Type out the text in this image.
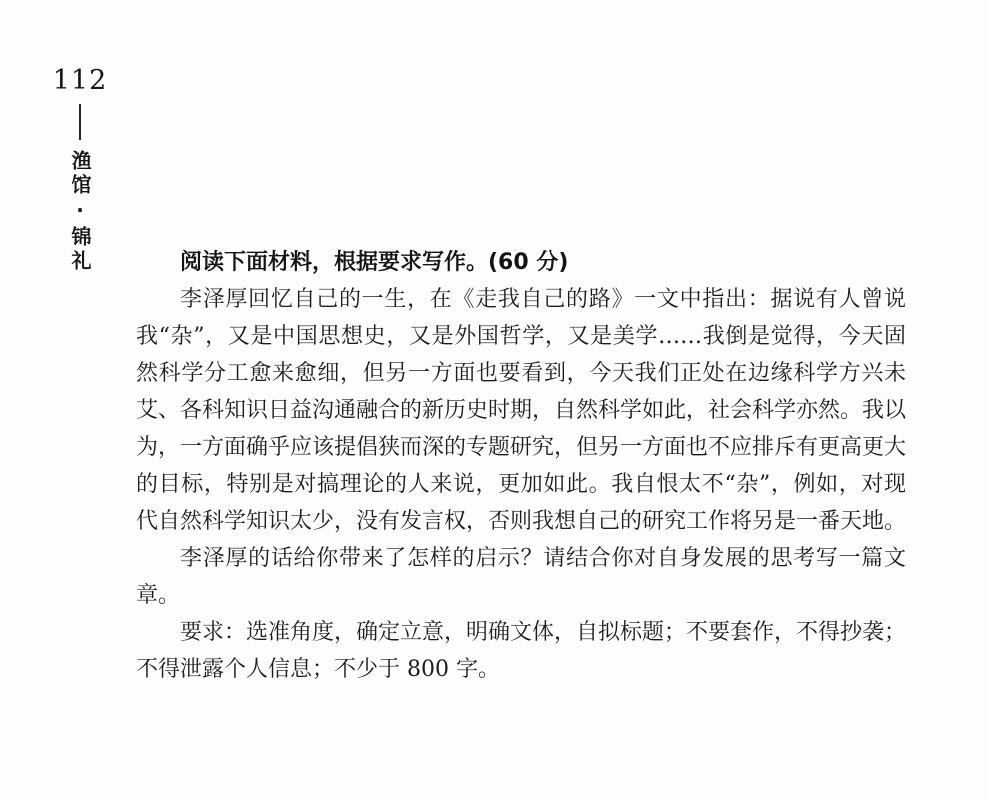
112
渔馆·锦礼	阅读下面材料，根据要求写作。(60 分)

李泽厚回忆自己的一生，在《走我自己的路》一文中指出：据说有人曾说我“杂”，又是中国思想史，又是外国哲学，又是美学……我倒是觉得，今天固然科学分工愈来愈细，但另一方面也要看到，今天我们正处在边缘科学方兴未艾、各科知识日益沟通融合的新历史时期，自然科学如此，社会科学亦然。我以为，一方面确乎应该提倡狭而深的专题研究，但另一方面也不应排斥有更高更大的目标，特别是对搞理论的人来说，更加如此。我自恨太不“杂”，例如，对现代自然科学知识太少，没有发言权，否则我想自己的研究工作将另是一番天地。

李泽厚的话给你带来了怎样的启示？请结合你对自身发展的思考写一篇文章。

要求：选准角度，确定立意，明确文体，自拟标题；不要套作，不得抄袭；不得泄露个人信息；不少于 800 字。
